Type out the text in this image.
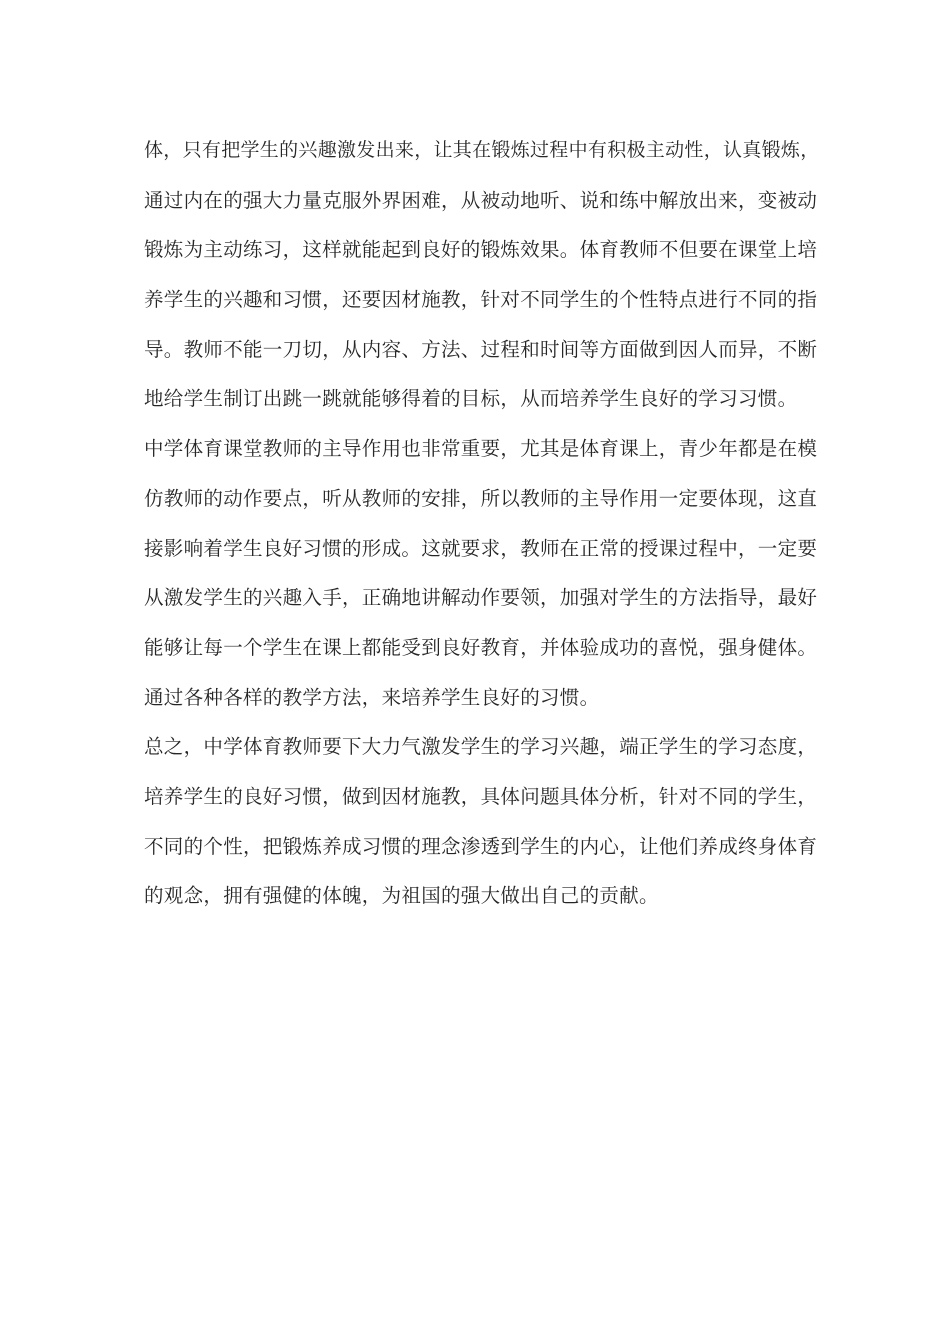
体，只有把学生的兴趣激发出来，让其在锻炼过程中有积极主动性，认真锻炼，
通过内在的强大力量克服外界困难，从被动地听、说和练中解放出来，变被动
锻炼为主动练习，这样就能起到良好的锻炼效果。体育教师不但要在课堂上培
养学生的兴趣和习惯，还要因材施教，针对不同学生的个性特点进行不同的指
导。教师不能一刀切，从内容、方法、过程和时间等方面做到因人而异，不断
地给学生制订出跳一跳就能够得着的目标，从而培养学生良好的学习习惯。
中学体育课堂教师的主导作用也非常重要，尤其是体育课上，青少年都是在模
仿教师的动作要点，听从教师的安排，所以教师的主导作用一定要体现，这直
接影响着学生良好习惯的形成。这就要求，教师在正常的授课过程中，一定要
从激发学生的兴趣入手，正确地讲解动作要领，加强对学生的方法指导，最好
能够让每一个学生在课上都能受到良好教育，并体验成功的喜悦，强身健体。
通过各种各样的教学方法，来培养学生良好的习惯。
总之，中学体育教师要下大力气激发学生的学习兴趣，端正学生的学习态度，
培养学生的良好习惯，做到因材施教，具体问题具体分析，针对不同的学生，
不同的个性，把锻炼养成习惯的理念渗透到学生的内心，让他们养成终身体育
的观念，拥有强健的体魄，为祖国的强大做出自己的贡献。
